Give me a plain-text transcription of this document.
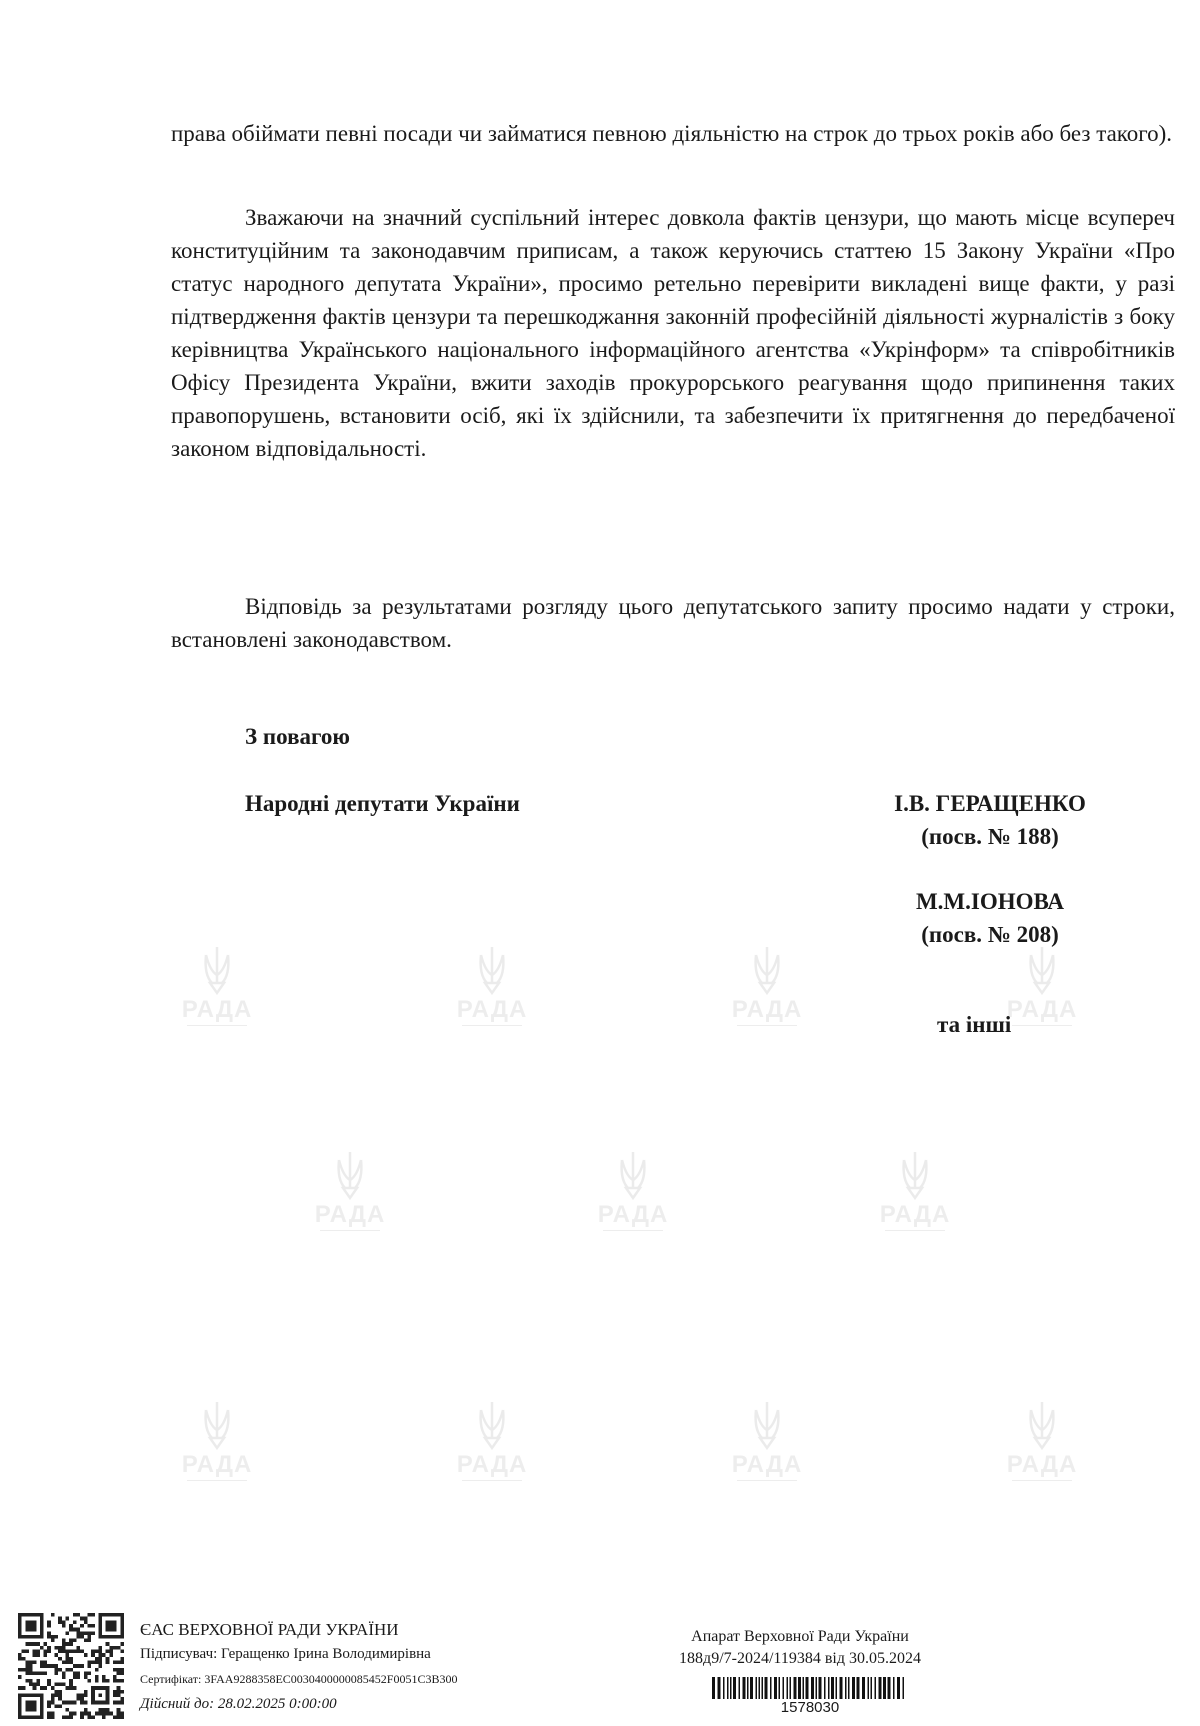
РАДА	РАДА	РАДА	РАДА
РАДА	РАДА	РАДА
РАДА	РАДА	РАДА	РАДА
права обіймати певні посади чи займатися певною діяльністю на строк до трьох років або без такого).
Зважаючи на значний суспільний інтерес довкола фактів цензури, що мають місце всупереч конституційним та законодавчим приписам, а також керуючись статтею 15 Закону України «Про статус народного депутата України», просимо ретельно перевірити викладені вище факти, у разі підтвердження фактів цензури та перешкоджання законній професійній діяльності журналістів з боку керівництва Українського національного інформаційного агентства «Укрінформ» та співробітників Офісу Президента України, вжити заходів прокурорського реагування щодо припинення таких правопорушень, встановити осіб, які їх здійснили, та забезпечити їх притягнення до передбаченої законом відповідальності.
Відповідь за результатами розгляду цього депутатського запиту просимо надати у строки, встановлені законодавством.
З повагою
Народні депутати України	І.В. ГЕРАЩЕНКО
(посв. № 188)
М.М.ІОНОВА
(посв. № 208)
та інші
ЄАС ВЕРХОВНОЇ РАДИ УКРАЇНИ
Підписувач: Геращенко Ірина Володимирівна
Сертифікат: 3FAA9288358EC0030400000085452F0051C3B300
Дійсний до: 28.02.2025 0:00:00
Апарат Верховної Ради України
188д9/7-2024/119384 від 30.05.2024
1578030
